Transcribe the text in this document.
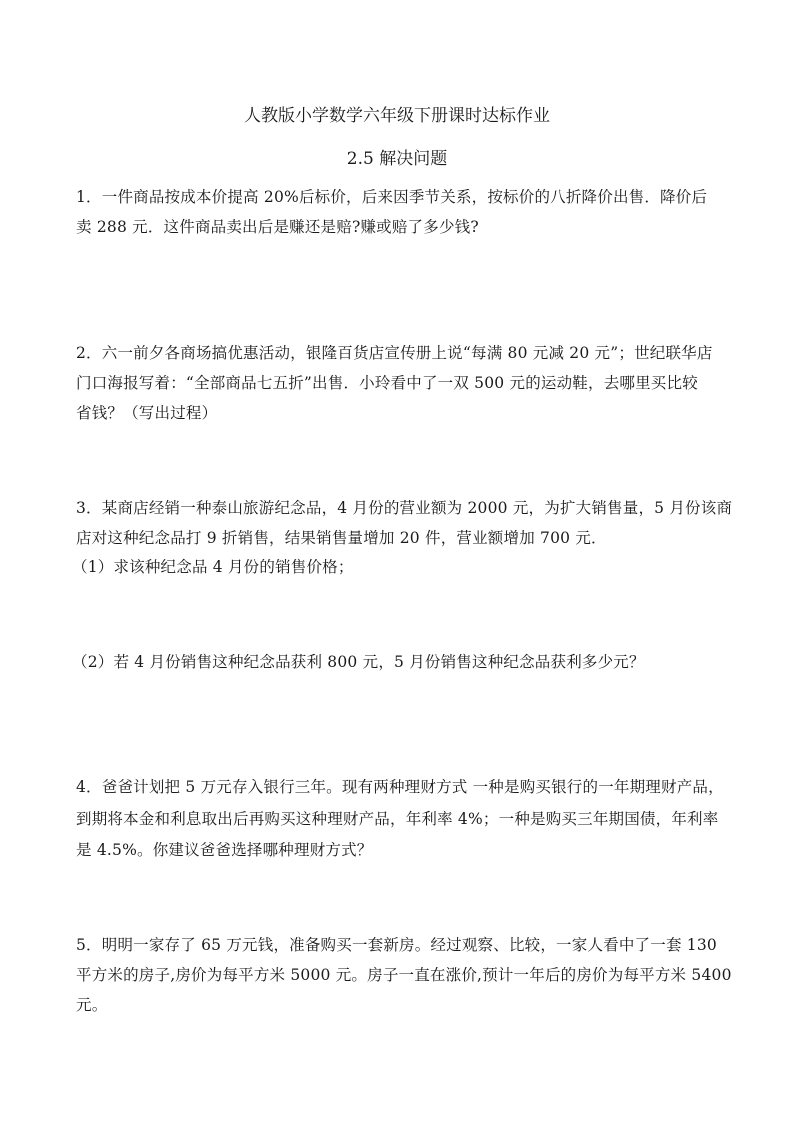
人教版小学数学六年级下册课时达标作业
2.5 解决问题
1．一件商品按成本价提高 20%后标价，后来因季节关系，按标价的八折降价出售．降价后
卖 288 元．这件商品卖出后是赚还是赔?赚或赔了多少钱?
2．六一前夕各商场搞优惠活动，银隆百货店宣传册上说“每满 80 元减 20 元”；世纪联华店
门口海报写着：“全部商品七五折”出售．小玲看中了一双 500 元的运动鞋，去哪里买比较
省钱？（写出过程）
3．某商店经销一种泰山旅游纪念品，4 月份的营业额为 2000 元，为扩大销售量，5 月份该商
店对这种纪念品打 9 折销售，结果销售量增加 20 件，营业额增加 700 元．
（1）求该种纪念品 4 月份的销售价格；
（2）若 4 月份销售这种纪念品获利 800 元，5 月份销售这种纪念品获利多少元？
4．爸爸计划把 5 万元存入银行三年。现有两种理财方式 一种是购买银行的一年期理财产品，
到期将本金和利息取出后再购买这种理财产品，年利率 4%；一种是购买三年期国债，年利率
是 4.5%。你建议爸爸选择哪种理财方式？
5．明明一家存了 65 万元钱，准备购买一套新房。经过观察、比较，一家人看中了一套 130
平方米的房子,房价为每平方米 5000 元。房子一直在涨价,预计一年后的房价为每平方米 5400
元。
